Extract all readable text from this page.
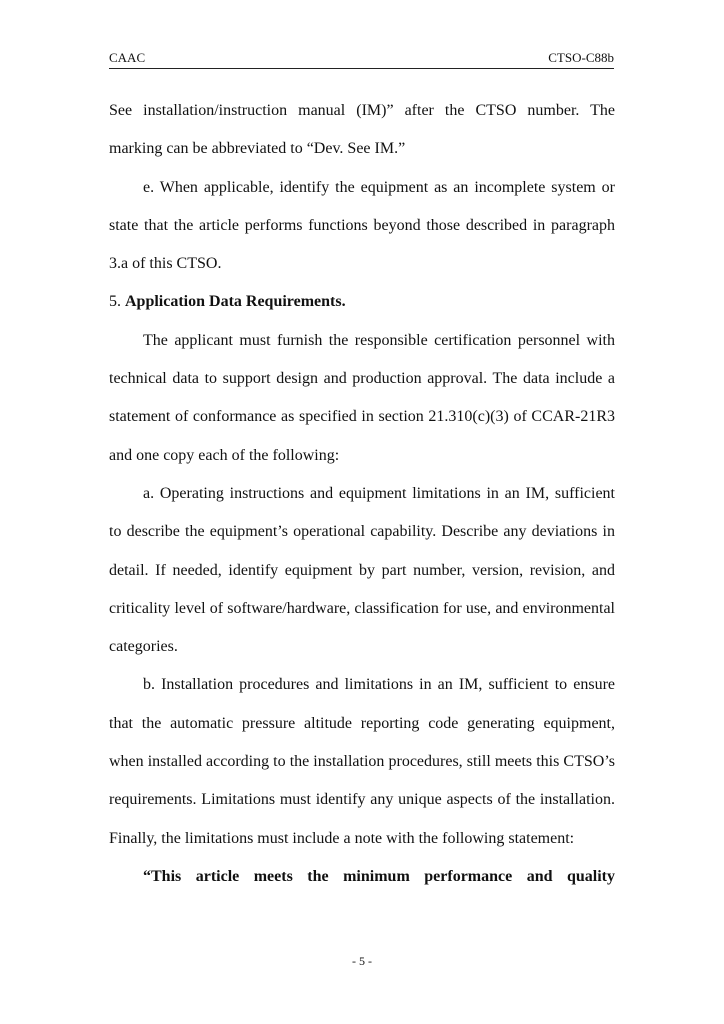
CAAC	CTSO-C88b

See installation/instruction manual (IM)” after the CTSO number. The marking can be abbreviated to “Dev. See IM.”

e. When applicable, identify the equipment as an incomplete system or state that the article performs functions beyond those described in paragraph 3.a of this CTSO.

5. Application Data Requirements.

The applicant must furnish the responsible certification personnel with technical data to support design and production approval. The data include a statement of conformance as specified in section 21.310(c)(3) of CCAR-21R3 and one copy each of the following:

a. Operating instructions and equipment limitations in an IM, sufficient to describe the equipment’s operational capability. Describe any deviations in detail. If needed, identify equipment by part number, version, revision, and criticality level of software/hardware, classification for use, and environmental categories.

b. Installation procedures and limitations in an IM, sufficient to ensure that the automatic pressure altitude reporting code generating equipment, when installed according to the installation procedures, still meets this CTSO’s requirements. Limitations must identify any unique aspects of the installation. Finally, the limitations must include a note with the following statement:

“This article meets the minimum performance and quality

- 5 -
